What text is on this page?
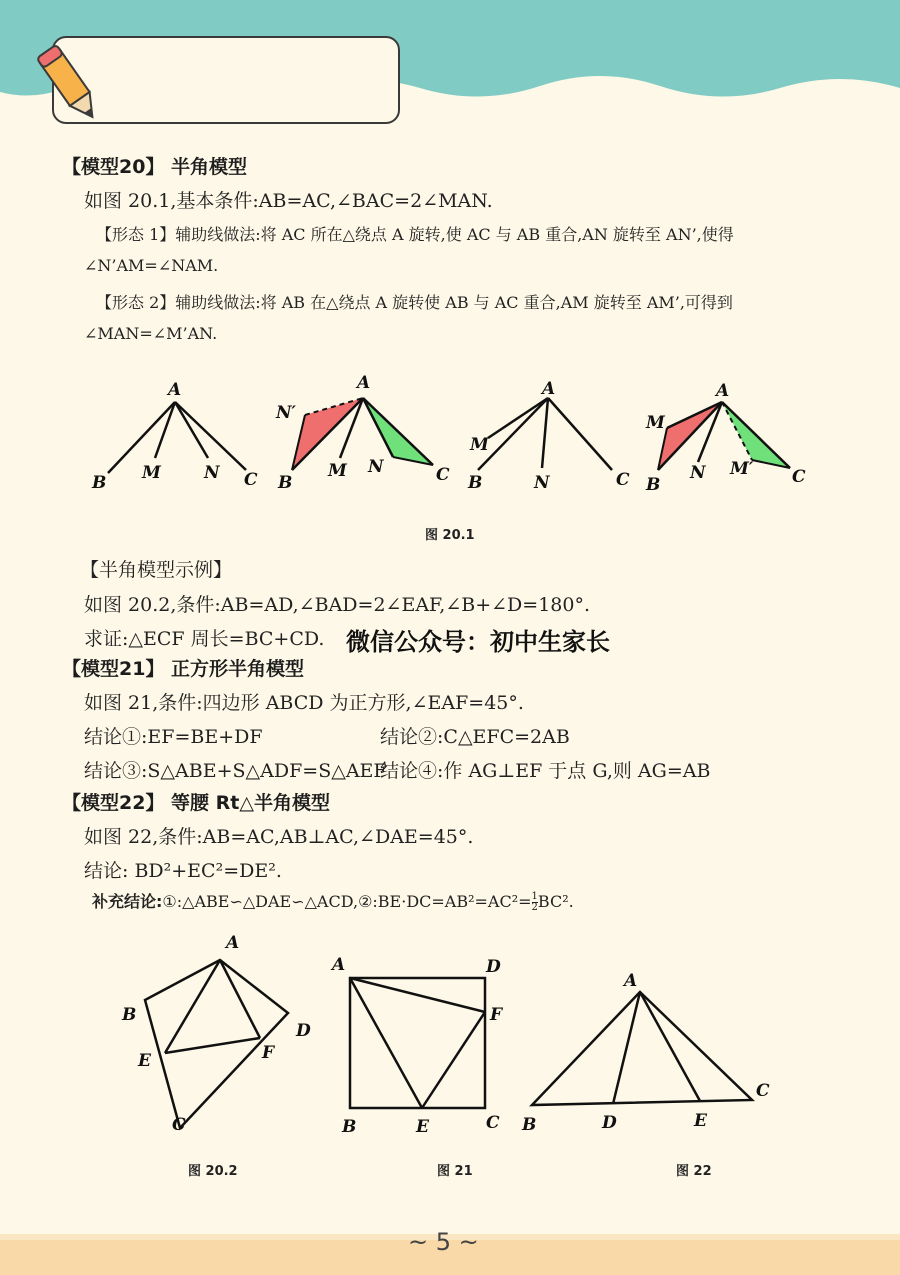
【模型20】 半角模型
如图 20.1,基本条件:AB=AC,∠BAC=2∠MAN.
【形态 1】辅助线做法:将 AC 所在△绕点 A 旋转,使 AC 与 AB 重合,AN 旋转至 AN’,使得
∠N’AM=∠NAM.
【形态 2】辅助线做法:将 AB 在△绕点 A 旋转使 AB 与 AC 重合,AM 旋转至 AM’,可得到
∠MAN=∠M’AN.
A
B M	N C
A
N′
B
M N	C
A
M
B	N	C
A
M
B
N M′ C
图 20.1
【半角模型示例】
如图 20.2,条件:AB=AD,∠BAD=2∠EAF,∠B+∠D=180°.
求证:△ECF 周长=BC+CD. 微信公众号：初中生家长
【模型21】 正方形半角模型
如图 21,条件:四边形 ABCD 为正方形,∠EAF=45°.
结论①:EF=BE+DF	结论②:C△EFC=2AB
结论③:S△ABE+S△ADF=S△AEF
结论④:作 AG⊥EF 于点 G,则 AG=AB
【模型22】 等腰 Rt△半角模型
如图 22,条件:AB=AC,AB⊥AC,∠DAE=45°.
结论: BD²+EC²=DE².
补充结论:①:△ABE∽△DAE∽△ACD,②:BE·DC=AB²=AC²= $\frac{1}{2} BC^2$.
A
B
D
E	F
C
图 20.2
A	D
F
B	E	C
图 21
A
B	D	E
C
图 22
~ 5 ~
